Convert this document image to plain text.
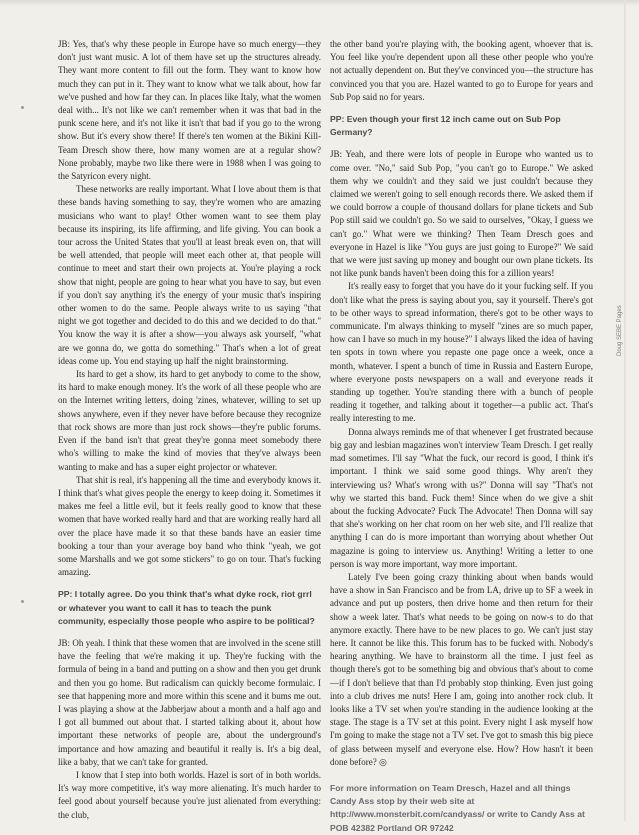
JB: Yes, that's why these people in Europe have so much energy—they don't just want music. A lot of them have set up the structures already. They want more content to fill out the form. They want to know how much they can put in it. They want to know what we talk about, how far we've pushed and how far they can. In places like Italy, what the women deal with... It's not like we can't remember when it was that bad in the punk scene here, and it's not like it isn't that bad if you go to the wrong show. But it's every show there! If there's ten women at the Bikini Kill-Team Dresch show there, how many women are at a regular show? None probably, maybe two like there were in 1988 when I was going to the Satyricon every night.

These networks are really important. What I love about them is that these bands having something to say, they're women who are amazing musicians who want to play! Other women want to see them play because its inspiring, its life affirming, and life giving. You can book a tour across the United States that you'll at least break even on, that will be well attended, that people will meet each other at, that people will continue to meet and start their own projects at. You're playing a rock show that night, people are going to hear what you have to say, but even if you don't say anything it's the energy of your music that's inspiring other women to do the same. People always write to us saying "that night we got together and decided to do this and we decided to do that." You know the way it is after a show—you always ask yourself, "what are we gonna do, we gotta do something." That's when a lot of great ideas come up. You end staying up half the night brainstorming.

Its hard to get a show, its hard to get anybody to come to the show, its hard to make enough money. It's the work of all these people who are on the Internet writing letters, doing 'zines, whatever, willing to set up shows anywhere, even if they never have before because they recognize that rock shows are more than just rock shows—they're public forums. Even if the band isn't that great they're gonna meet somebody there who's willing to make the kind of movies that they've always been wanting to make and has a super eight projector or whatever.

That shit is real, it's happening all the time and everybody knows it. I think that's what gives people the energy to keep doing it. Sometimes it makes me feel a little evil, but it feels really good to know that these women that have worked really hard and that are working really hard all over the place have made it so that these bands have an easier time booking a tour than your average boy band who think "yeah, we got some Marshalls and we got some stickers" to go on tour. That's fucking amazing.

PP: I totally agree. Do you think that's what dyke rock, riot grrl or whatever you want to call it has to teach the punk community, especially those people who aspire to be political?

JB: Oh yeah. I think that these women that are involved in the scene still have the feeling that we're making it up. They're fucking with the formula of being in a band and putting on a show and then you get drunk and then you go home. But radicalism can quickly become formulaic. I see that happening more and more within this scene and it bums me out. I was playing a show at the Jabberjaw about a month and a half ago and I got all bummed out about that. I started talking about it, about how important these networks of people are, about the underground's importance and how amazing and beautiful it really is. It's a big deal, like a baby, that we can't take for granted.

I know that I step into both worlds. Hazel is sort of in both worlds. It's way more competitive, it's way more alienating. It's much harder to feel good about yourself because you're just alienated from everything: the club,

the other band you're playing with, the booking agent, whoever that is. You feel like you're dependent upon all these other people who you're not actually dependent on. But they've convinced you—the structure has convinced you that you are. Hazel wanted to go to Europe for years and Sub Pop said no for years.

PP: Even though your first 12 inch came out on Sub Pop Germany?

JB: Yeah, and there were lots of people in Europe who wanted us to come over. "No," said Sub Pop, "you can't go to Europe." We asked them why we couldn't and they said we just couldn't because they claimed we weren't going to sell enough records there. We asked them if we could borrow a couple of thousand dollars for plane tickets and Sub Pop still said we couldn't go. So we said to ourselves, "Okay, I guess we can't go." What were we thinking? Then Team Dresch goes and everyone in Hazel is like "You guys are just going to Europe?" We said that we were just saving up money and bought our own plane tickets. Its not like punk bands haven't been doing this for a zillion years!

It's really easy to forget that you have do it your fucking self. If you don't like what the press is saying about you, say it yourself. There's got to be other ways to spread information, there's got to be other ways to communicate. I'm always thinking to myself "zines are so much paper, how can I have so much in my house?" I always liked the idea of having ten spots in town where you repaste one page once a week, once a month, whatever. I spent a bunch of time in Russia and Eastern Europe, where everyone posts newspapers on a wall and everyone reads it standing up together. You're standing there with a bunch of people reading it together, and talking about it together—a public act. That's really interesting to me.

Donna always reminds me of that whenever I get frustrated because big gay and lesbian magazines won't interview Team Dresch. I get really mad sometimes. I'll say "What the fuck, our record is good, I think it's important. I think we said some good things. Why aren't they interviewing us? What's wrong with us?" Donna will say "That's not why we started this band. Fuck them! Since when do we give a shit about the fucking Advocate? Fuck The Advocate! Then Donna will say that she's working on her chat room on her web site, and I'll realize that anything I can do is more important than worrying about whether Out magazine is going to interview us. Anything! Writing a letter to one person is way more important, way more important.

Lately I've been going crazy thinking about when bands would have a show in San Francisco and be from LA, drive up to SF a week in advance and put up posters, then drive home and then return for their show a week later. That's what needs to be going on now-s to do that anymore exactly. There have to be new places to go. We can't just stay here. It cannot be like this. This forum has to be fucked with. Nobody's hearing anything. We have to brainstorm all the time. I just feel as though there's got to be something big and obvious that's about to come—if I don't believe that than I'd probably stop thinking. Even just going into a club drives me nuts! Here I am, going into another rock club. It looks like a TV set when you're standing in the audience looking at the stage. The stage is a TV set at this point. Every night I ask myself how I'm going to make the stage not a TV set. I've got to smash this big piece of glass between myself and everyone else. How? How hasn't it been done before? ◎

For more information on Team Dresch, Hazel and all things Candy Ass stop by their web site at http://www.monsterbit.com/candyass/ or write to Candy Ass at POB 42382 Portland OR 97242

Doug SEBE Pages
